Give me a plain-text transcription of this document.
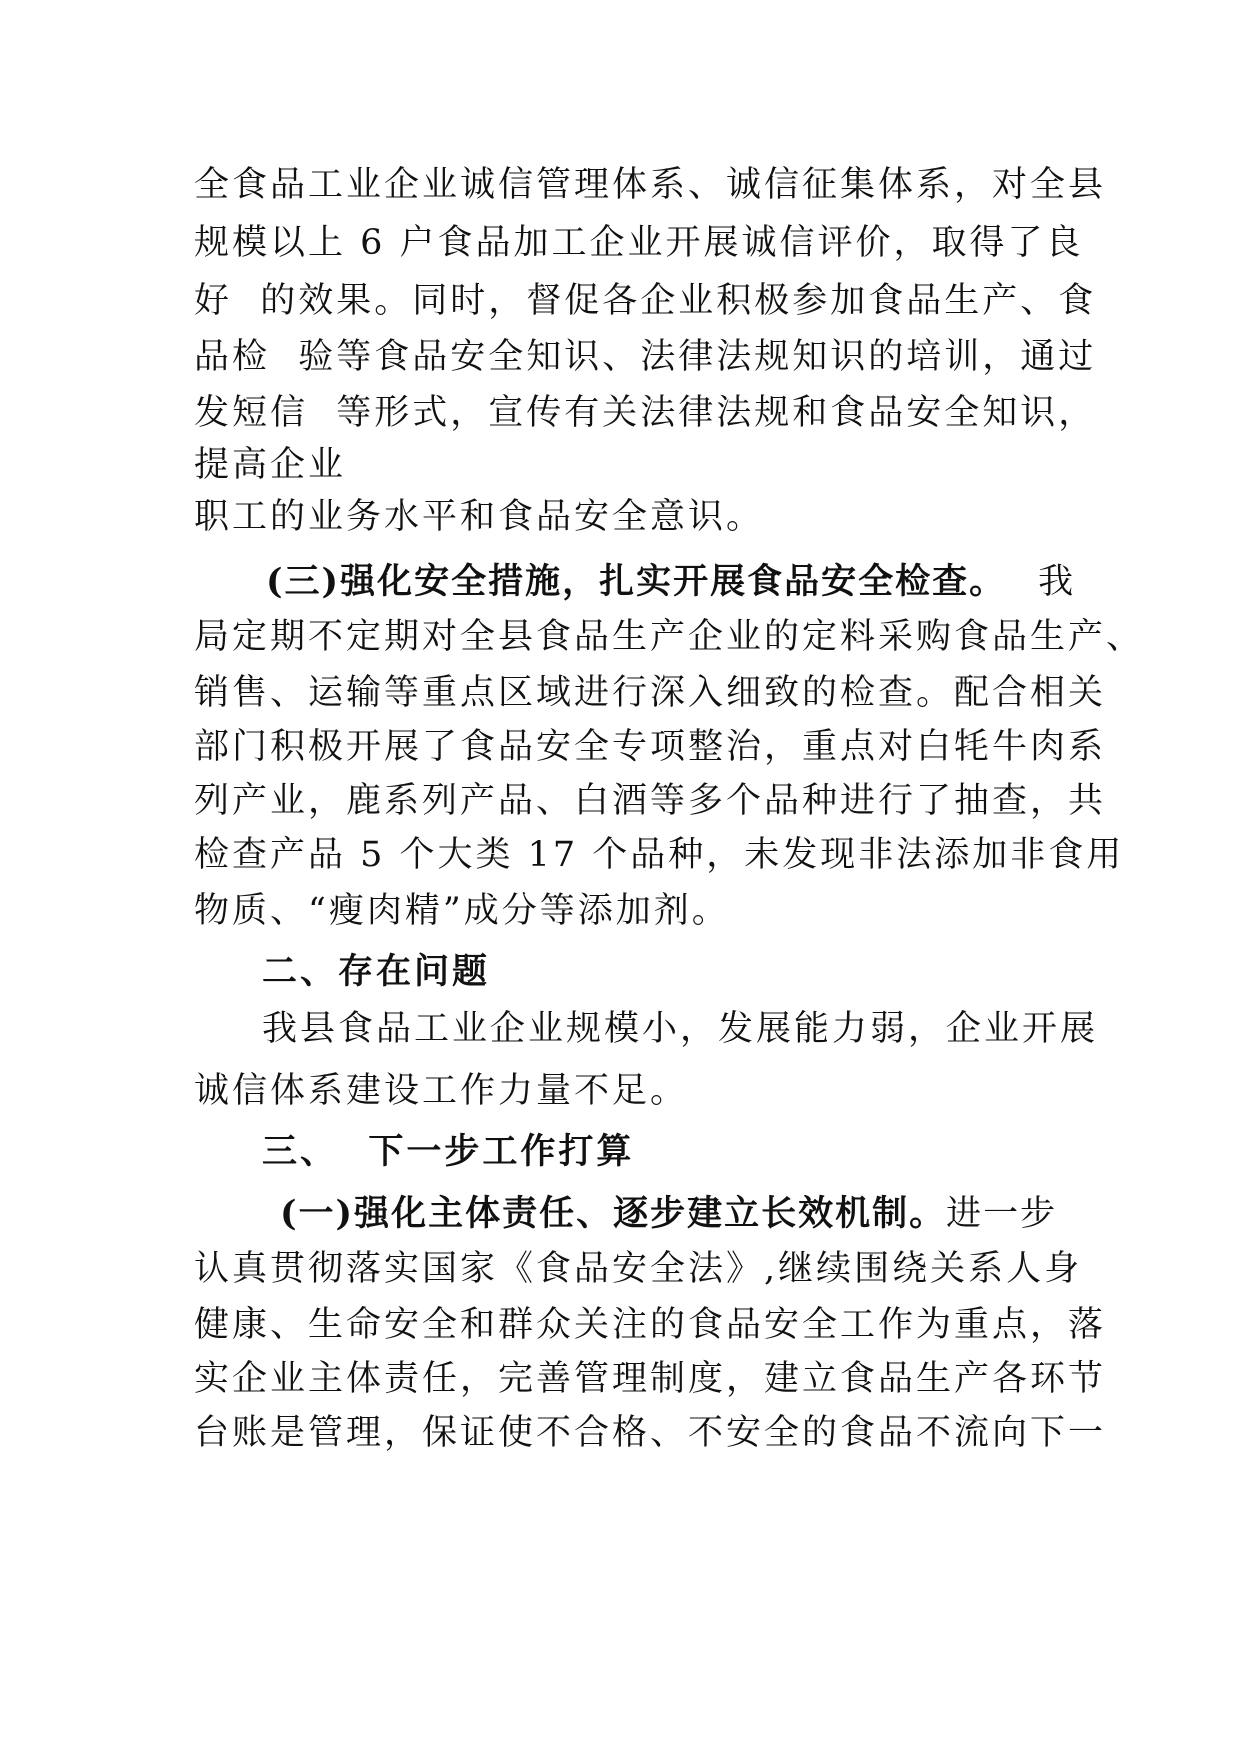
全食品工业企业诚信管理体系、诚信征集体系，对全县
规模以上 6 户食品加工企业开展诚信评价，取得了良
好  的效果。同时，督促各企业积极参加食品生产、食
品检  验等食品安全知识、法律法规知识的培训，通过
发短信  等形式，宣传有关法律法规和食品安全知识，
提高企业
职工的业务水平和食品安全意识。
(三)强化安全措施，扎实开展食品安全检查。 我
局定期不定期对全县食品生产企业的定料采购食品生产、
销售、运输等重点区域进行深入细致的检查。配合相关
部门积极开展了食品安全专项整治，重点对白牦牛肉系
列产业，鹿系列产品、白酒等多个品种进行了抽查，共
检查产品 5 个大类 17 个品种，未发现非法添加非食用
物质、“瘦肉精”成分等添加剂。
二、存在问题
我县食品工业企业规模小，发展能力弱，企业开展
诚信体系建设工作力量不足。
三、  下一步工作打算
(一)强化主体责任、逐步建立长效机制。进一步
认真贯彻落实国家《食品安全法》,继续围绕关系人身
健康、生命安全和群众关注的食品安全工作为重点，落
实企业主体责任，完善管理制度，建立食品生产各环节
台账是管理，保证使不合格、不安全的食品不流向下一
